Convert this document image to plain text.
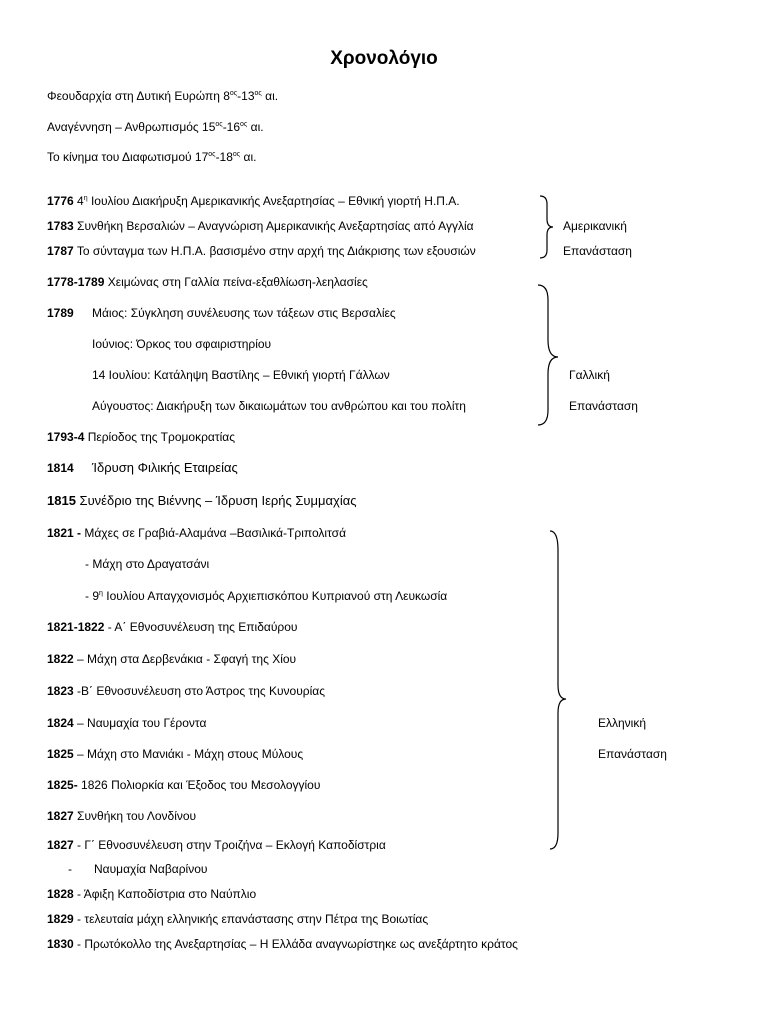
Χρονολόγιο
Φεουδαρχία στη Δυτική Ευρώπη $8^{o\varsigma}-13^{o\varsigma}$ αι.
Αναγέννηση – Ανθρωπισμός $15^{o\varsigma}-16^{o\varsigma}$ αι.
Το κίνημα του Διαφωτισμού $17^{o\varsigma}-18^{o\varsigma}$ αι.
1776 $4^\eta$ Ιουλίου Διακήρυξη Αμερικανικής Ανεξαρτησίας – Εθνική γιορτή Η.Π.Α.
1783 Συνθήκη Βερσαλιών – Αναγνώριση Αμερικανικής Ανεξαρτησίας από Αγγλία
1787 Το σύνταγμα των Η.Π.Α. βασισμένο στην αρχή της Διάκρισης των εξουσιών
Αμερικανική
Επανάσταση
1778-1789 Χειμώνας στη Γαλλία πείνα-εξαθλίωση-λεηλασίες
1789 Μάιος: Σύγκληση συνέλευσης των τάξεων στις Βερσαλίες
Ιούνιος: Όρκος του σφαιριστηρίου
14 Ιουλίου: Κατάληψη Βαστίλης – Εθνική γιορτή Γάλλων
Αύγουστος: Διακήρυξη των δικαιωμάτων του ανθρώπου και του πολίτη
Γαλλική
Επανάσταση
1793-4 Περίοδος της Τρομοκρατίας
1814 Ίδρυση Φιλικής Εταιρείας
1815 Συνέδριο της Βιέννης – Ίδρυση Ιερής Συμμαχίας
1821 - Μάχες σε Γραβιά-Αλαμάνα –Βασιλικά-Τριπολιτσά
- Μάχη στο Δραγατσάνι
- $9^\eta$ Ιουλίου Απαγχονισμός Αρχιεπισκόπου Κυπριανού στη Λευκωσία
1821-1822 - Α΄ Εθνοσυνέλευση της Επιδαύρου
1822 – Μάχη στα Δερβενάκια - Σφαγή της Χίου
1823 -Β΄ Εθνοσυνέλευση στο Άστρος της Κυνουρίας
1824 – Ναυμαχία του Γέροντα
1825 – Μάχη στο Μανιάκι - Μάχη στους Μύλους
1825- 1826 Πολιορκία και Έξοδος του Μεσολογγίου
1827 Συνθήκη του Λονδίνου
1827 - Γ΄ Εθνοσυνέλευση στην Τροιζήνα – Εκλογή Καποδίστρια
- Ναυμαχία Ναβαρίνου
1828 - Άφιξη Καποδίστρια στο Ναύπλιο
1829 - τελευταία μάχη ελληνικής επανάστασης στην Πέτρα της Βοιωτίας
1830 - Πρωτόκολλο της Ανεξαρτησίας – Η Ελλάδα αναγνωρίστηκε ως ανεξάρτητο κράτος
Ελληνική
Επανάσταση
